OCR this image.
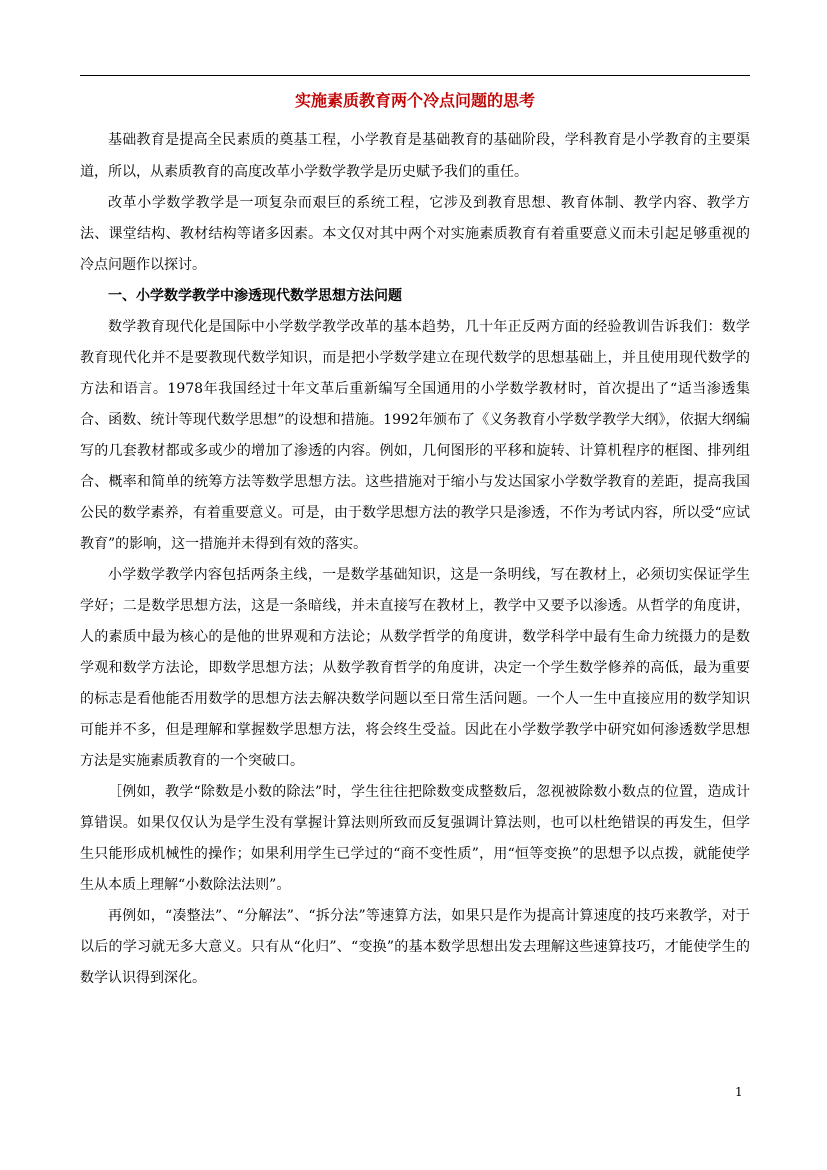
实施素质教育两个冷点问题的思考

基础教育是提高全民素质的奠基工程，小学教育是基础教育的基础阶段，学科教育是小学教育的主要渠道，所以，从素质教育的高度改革小学数学教学是历史赋予我们的重任。

改革小学数学教学是一项复杂而艰巨的系统工程，它涉及到教育思想、教育体制、教学内容、教学方法、课堂结构、教材结构等诸多因素。本文仅对其中两个对实施素质教育有着重要意义而未引起足够重视的冷点问题作以探讨。

一、小学数学教学中渗透现代数学思想方法问题

数学教育现代化是国际中小学数学教学改革的基本趋势，几十年正反两方面的经验教训告诉我们：数学教育现代化并不是要教现代数学知识，而是把小学数学建立在现代数学的思想基础上，并且使用现代数学的方法和语言。1978年我国经过十年文革后重新编写全国通用的小学数学教材时，首次提出了“适当渗透集合、函数、统计等现代数学思想”的设想和措施。1992年颁布了《义务教育小学数学教学大纲》，依据大纲编写的几套教材都或多或少的增加了渗透的内容。例如，几何图形的平移和旋转、计算机程序的框图、排列组合、概率和简单的统筹方法等数学思想方法。这些措施对于缩小与发达国家小学数学教育的差距，提高我国公民的数学素养，有着重要意义。可是，由于数学思想方法的教学只是渗透，不作为考试内容，所以受“应试教育”的影响，这一措施并未得到有效的落实。

小学数学教学内容包括两条主线，一是数学基础知识，这是一条明线，写在教材上，必须切实保证学生学好；二是数学思想方法，这是一条暗线，并未直接写在教材上，教学中又要予以渗透。从哲学的角度讲，人的素质中最为核心的是他的世界观和方法论；从数学哲学的角度讲，数学科学中最有生命力统摄力的是数学观和数学方法论，即数学思想方法；从数学教育哲学的角度讲，决定一个学生数学修养的高低，最为重要的标志是看他能否用数学的思想方法去解决数学问题以至日常生活问题。一个人一生中直接应用的数学知识可能并不多，但是理解和掌握数学思想方法，将会终生受益。因此在小学数学教学中研究如何渗透数学思想方法是实施素质教育的一个突破口。

［例如，教学“除数是小数的除法”时，学生往往把除数变成整数后，忽视被除数小数点的位置，造成计算错误。如果仅仅认为是学生没有掌握计算法则所致而反复强调计算法则，也可以杜绝错误的再发生，但学生只能形成机械性的操作；如果利用学生已学过的“商不变性质”，用“恒等变换”的思想予以点拨，就能使学生从本质上理解“小数除法法则”。

再例如，“凑整法”、“分解法”、“拆分法”等速算方法，如果只是作为提高计算速度的技巧来教学，对于以后的学习就无多大意义。只有从“化归”、“变换”的基本数学思想出发去理解这些速算技巧，才能使学生的数学认识得到深化。

1
